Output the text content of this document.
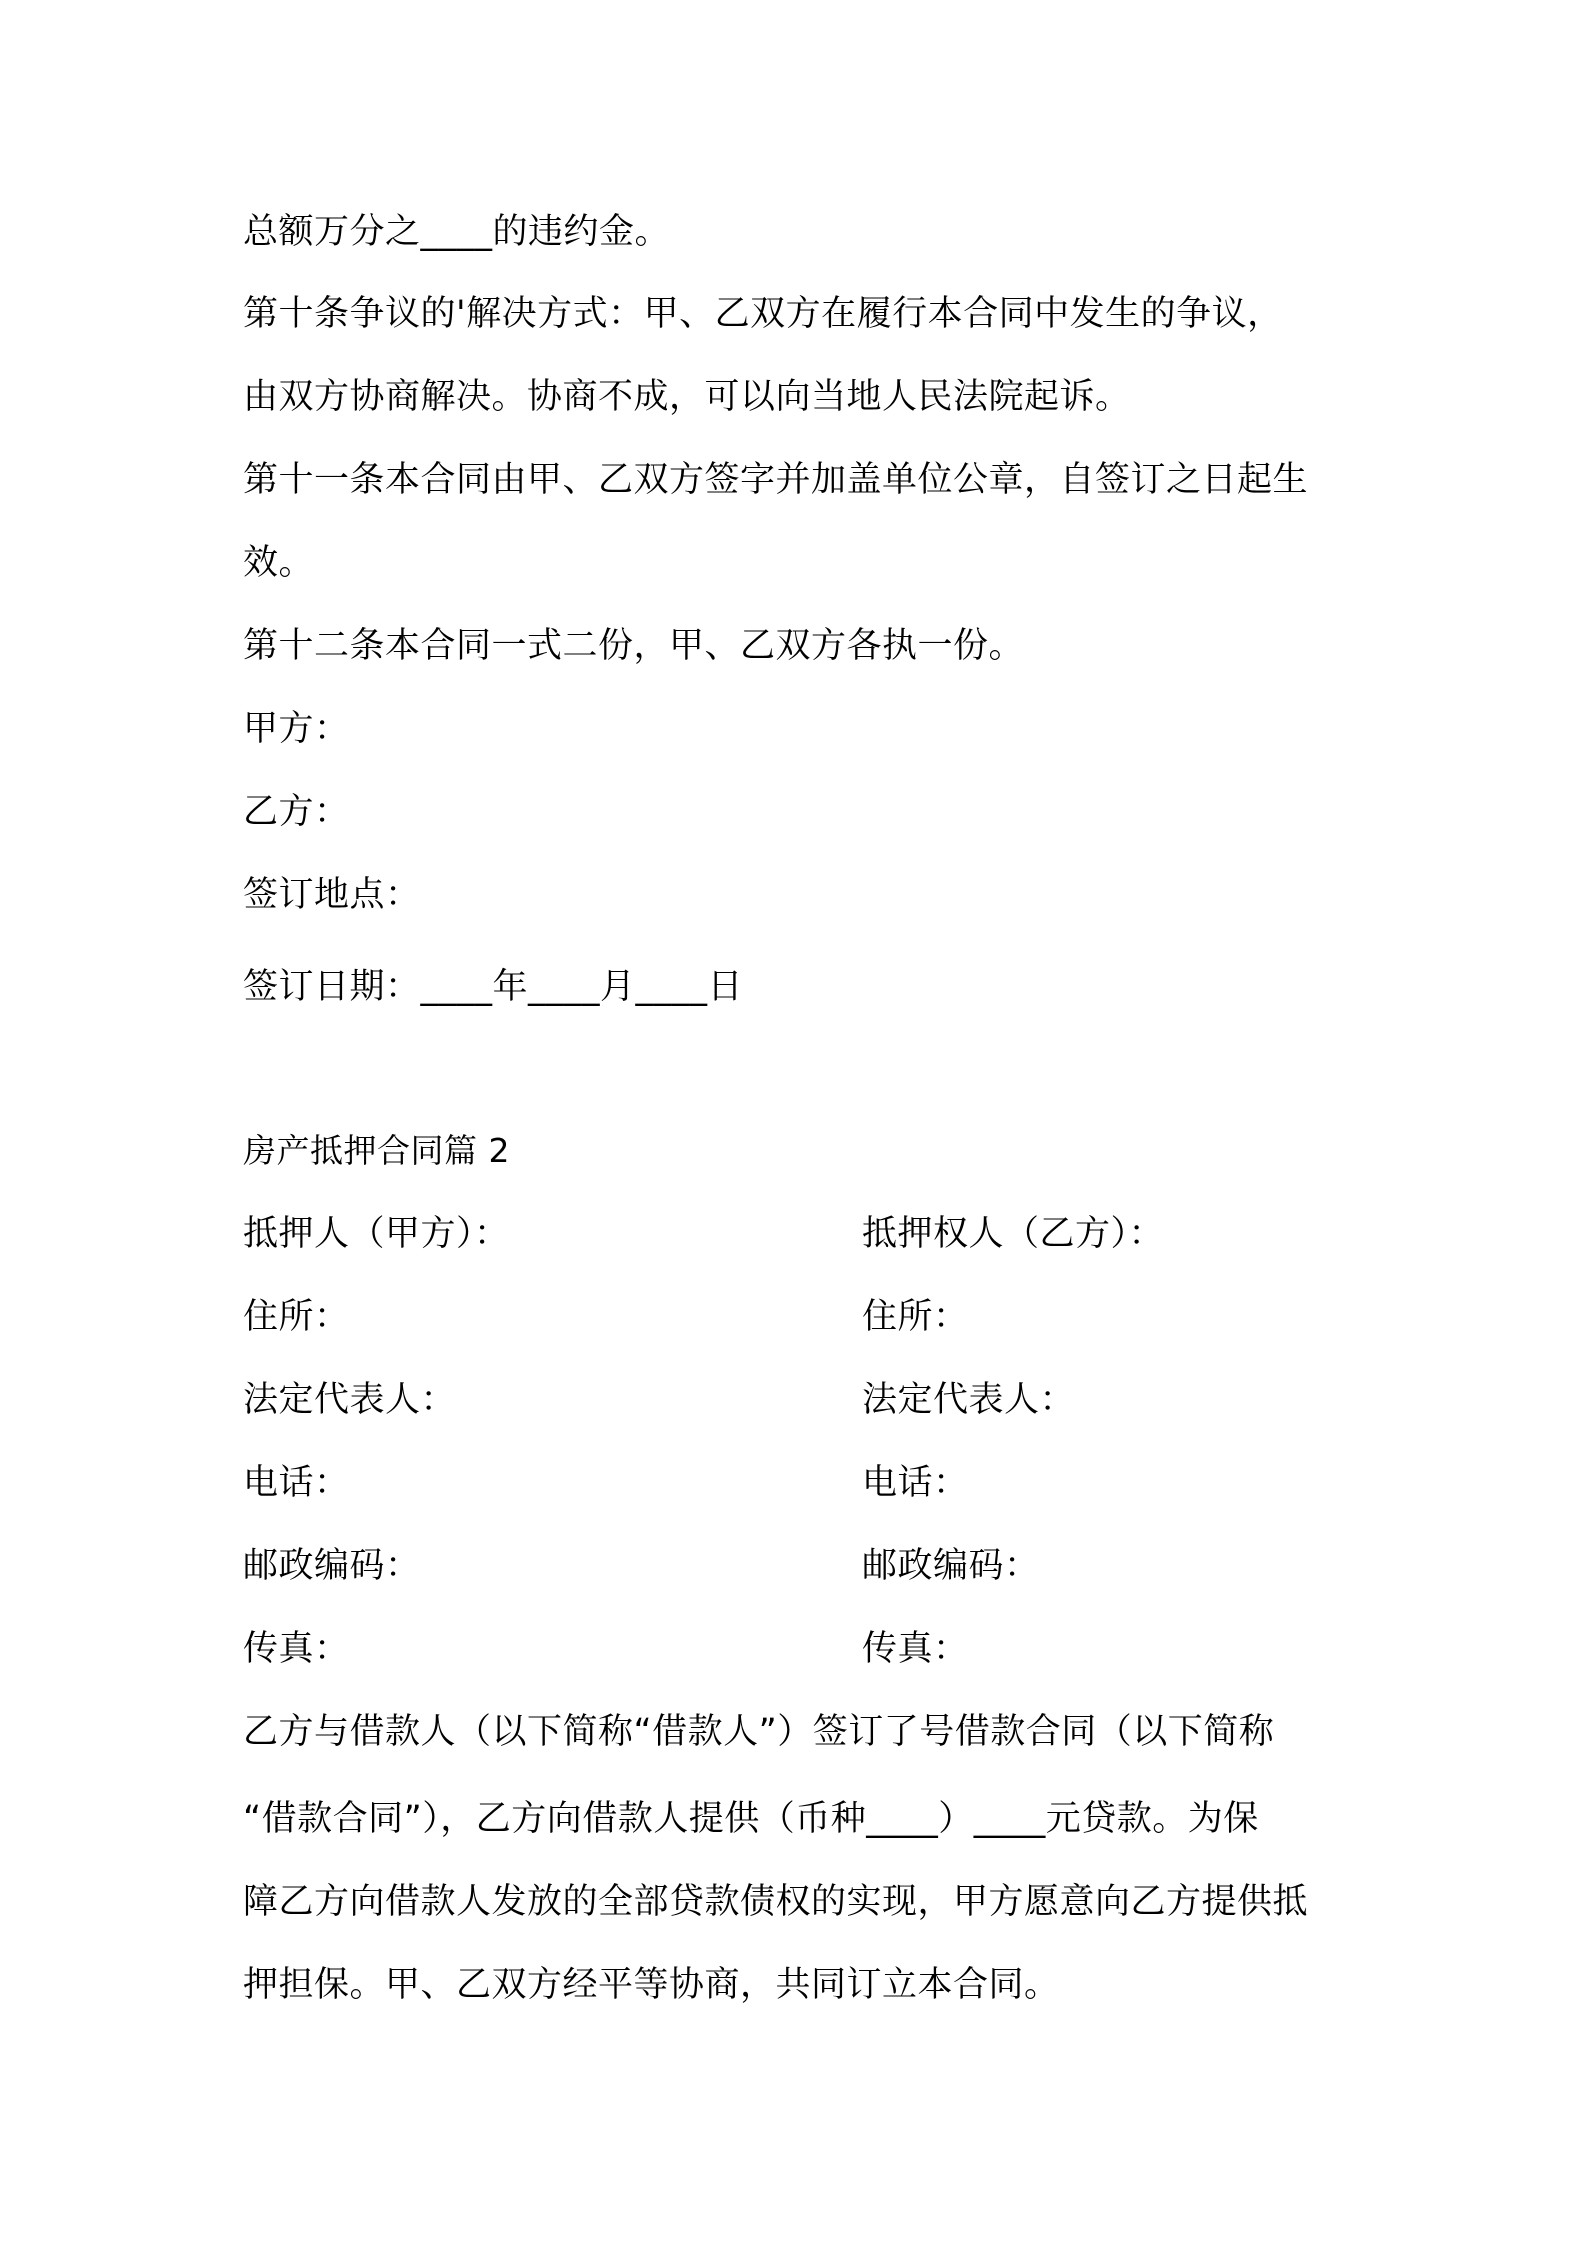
总额万分之____的违约金。
第十条争议的'解决方式：甲、乙双方在履行本合同中发生的争议，
由双方协商解决。协商不成，可以向当地人民法院起诉。
第十一条本合同由甲、乙双方签字并加盖单位公章，自签订之日起生
效。
第十二条本合同一式二份，甲、乙双方各执一份。
甲方：
乙方：
签订地点：
签订日期：____年____月____日
房产抵押合同篇 2
抵押人（甲方）：	抵押权人（乙方）：
住所：	住所：
法定代表人：	法定代表人：
电话：	电话：
邮政编码：	邮政编码：
传真：	传真：
乙方与借款人（以下简称“借款人”）签订了号借款合同（以下简称
“借款合同”），乙方向借款人提供（币种____）____元贷款。为保
障乙方向借款人发放的全部贷款债权的实现，甲方愿意向乙方提供抵
押担保。甲、乙双方经平等协商，共同订立本合同。
